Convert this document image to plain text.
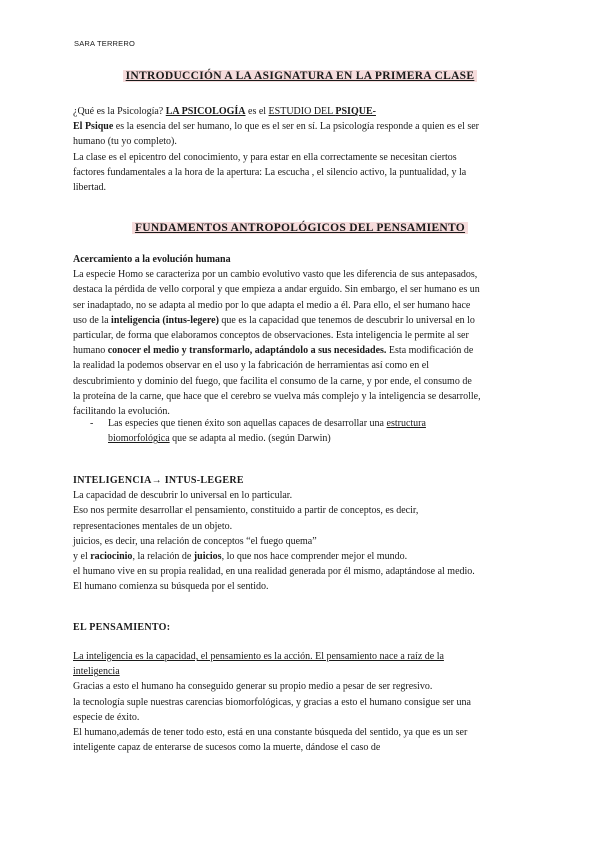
SARA TERRERO
INTRODUCCIÓN A LA ASIGNATURA EN LA PRIMERA CLASE
¿Qué es la Psicología? LA PSICOLOGÍA es el ESTUDIO DEL PSIQUE-
El Psique es la esencia del ser humano, lo que es el ser en sí. La psicología responde a quien es el ser
humano (tu yo completo).
La clase es el epicentro del conocimiento, y para estar en ella correctamente se necesitan ciertos
factores fundamentales a la hora de la apertura: La escucha , el silencio activo, la puntualidad, y la
libertad.
FUNDAMENTOS ANTROPOLÓGICOS DEL PENSAMIENTO
Acercamiento a la evolución humana
La especie Homo se caracteriza por un cambio evolutivo vasto que les diferencia de sus antepasados,
destaca la pérdida de vello corporal y que empieza a andar erguido. Sin embargo, el ser humano es un
ser inadaptado, no se adapta al medio por lo que adapta el medio a él. Para ello, el ser humano hace
uso de la inteligencia (intus-legere) que es la capacidad que tenemos de descubrir lo universal en lo
particular, de forma que elaboramos conceptos de observaciones. Esta inteligencia le permite al ser
humano conocer el medio y transformarlo, adaptándolo a sus necesidades. Esta modificación de
la realidad la podemos observar en el uso y la fabricación de herramientas así como en el
descubrimiento y dominio del fuego, que facilita el consumo de la carne, y por ende, el consumo de
la proteína de la carne, que hace que el cerebro se vuelva más complejo y la inteligencia se desarrolle,
facilitando la evolución.
- Las especies que tienen éxito son aquellas capaces de desarrollar una estructura
biomorfológica que se adapta al medio. (según Darwin)
INTELIGENCIA→ INTUS-LEGERE
La capacidad de descubrir lo universal en lo particular.
Eso nos permite desarrollar el pensamiento, constituido a partir de conceptos, es decir,
representaciones mentales de un objeto.
juicios, es decir, una relación de conceptos “el fuego quema”
y el raciocinio, la relación de juicios, lo que nos hace comprender mejor el mundo.
el humano vive en su propia realidad, en una realidad generada por él mismo, adaptándose al medio.
El humano comienza su búsqueda por el sentido.
EL PENSAMIENTO:
La inteligencia es la capacidad, el pensamiento es la acción. El pensamiento nace a raíz de la
inteligencia
Gracias a esto el humano ha conseguido generar su propio medio a pesar de ser regresivo.
la tecnología suple nuestras carencias biomorfológicas, y gracias a esto el humano consigue ser una
especie de éxito.
El humano,además de tener todo esto, está en una constante búsqueda del sentido, ya que es un ser
inteligente capaz de enterarse de sucesos como la muerte, dándose el caso de
